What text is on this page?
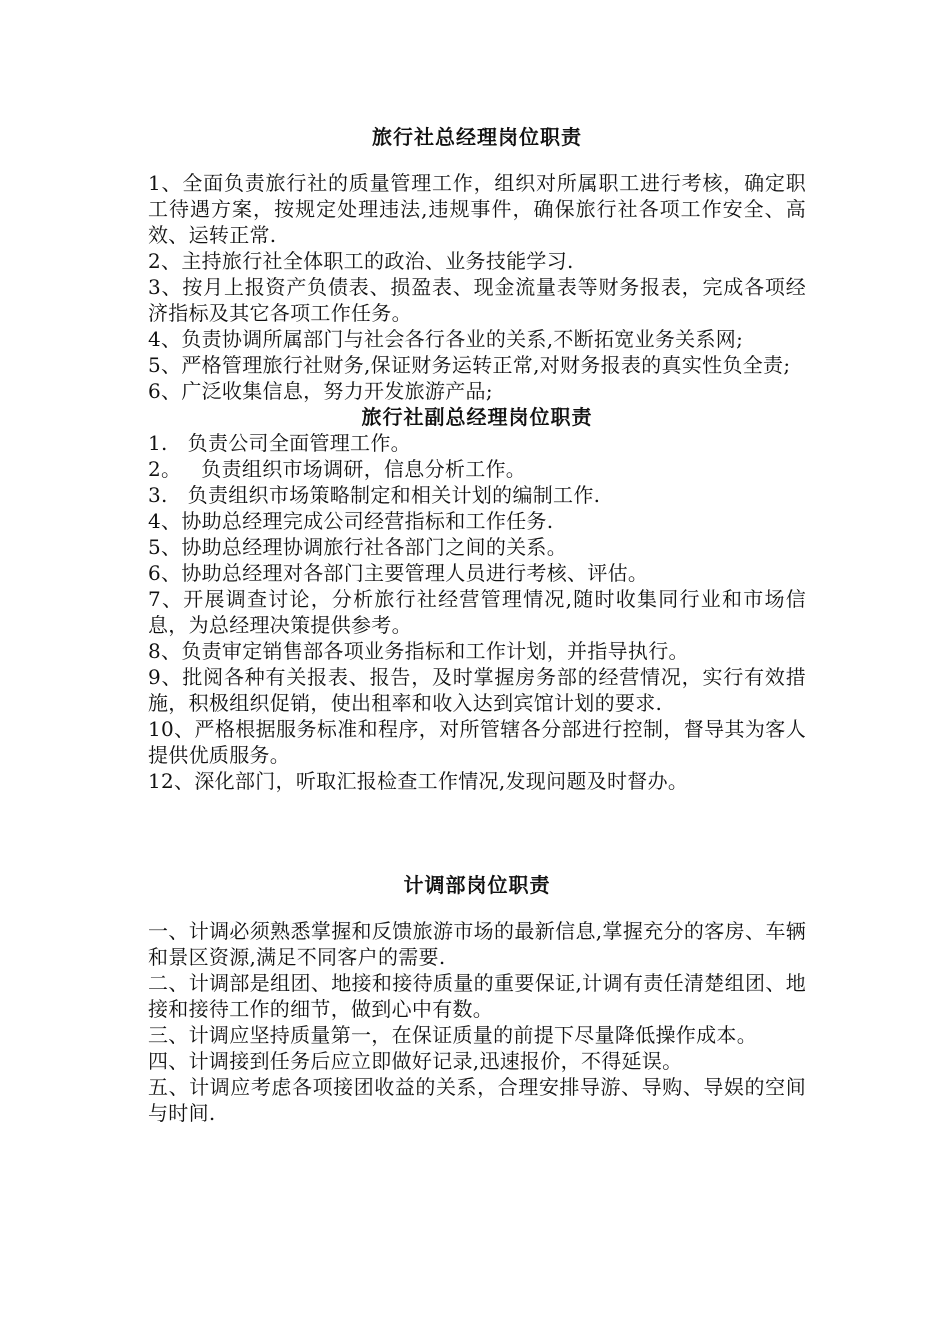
旅行社总经理岗位职责

1、全面负责旅行社的质量管理工作，组织对所属职工进行考核，确定职工待遇方案，按规定处理违法,违规事件，确保旅行社各项工作安全、高效、运转正常.

2、主持旅行社全体职工的政治、业务技能学习.

3、按月上报资产负债表、损盈表、现金流量表等财务报表，完成各项经济指标及其它各项工作任务。

4、负责协调所属部门与社会各行各业的关系,不断拓宽业务关系网;

5、严格管理旅行社财务,保证财务运转正常,对财务报表的真实性负全责;

6、广泛收集信息，努力开发旅游产品;

旅行社副总经理岗位职责

1.   负责公司全面管理工作。

2。   负责组织市场调研，信息分析工作。

3.   负责组织市场策略制定和相关计划的编制工作.

4、协助总经理完成公司经营指标和工作任务.

5、协助总经理协调旅行社各部门之间的关系。

6、协助总经理对各部门主要管理人员进行考核、评估。

7、开展调查讨论，分析旅行社经营管理情况,随时收集同行业和市场信息，为总经理决策提供参考。

8、负责审定销售部各项业务指标和工作计划，并指导执行。

9、批阅各种有关报表、报告，及时掌握房务部的经营情况，实行有效措施，积极组织促销，使出租率和收入达到宾馆计划的要求.

10、严格根据服务标准和程序，对所管辖各分部进行控制，督导其为客人提供优质服务。

12、深化部门，听取汇报检查工作情况,发现问题及时督办。

计调部岗位职责

一、计调必须熟悉掌握和反馈旅游市场的最新信息,掌握充分的客房、车辆和景区资源,满足不同客户的需要.

二、计调部是组团、地接和接待质量的重要保证,计调有责任清楚组团、地接和接待工作的细节，做到心中有数。

三、计调应坚持质量第一，在保证质量的前提下尽量降低操作成本。

四、计调接到任务后应立即做好记录,迅速报价，不得延误。

五、计调应考虑各项接团收益的关系，合理安排导游、导购、导娱的空间与时间.
